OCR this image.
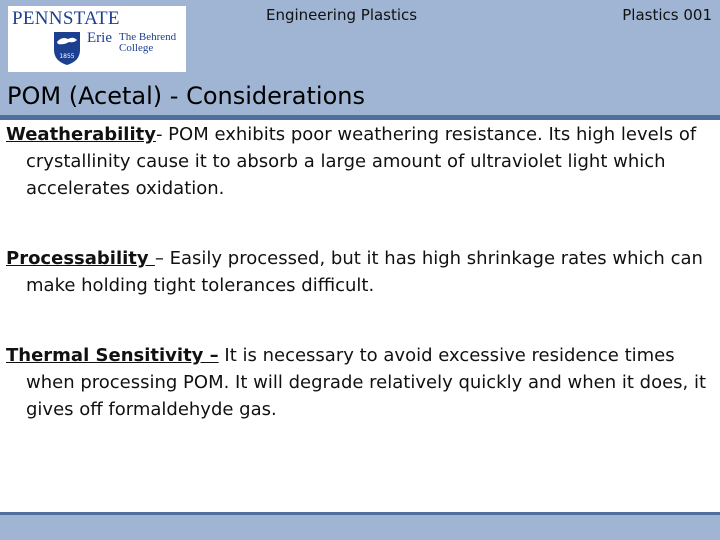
PENNSTATE
1855
Erie The Behrend College
Engineering Plastics	Plastics 001
POM (Acetal) - Considerations

Weatherability- POM exhibits poor weathering resistance. Its high levels of crystallinity cause it to absorb a large amount of ultraviolet light which accelerates oxidation.

Processability – Easily processed, but it has high shrinkage rates which can make holding tight tolerances difficult.

Thermal Sensitivity – It is necessary to avoid excessive residence times when processing POM. It will degrade relatively quickly and when it does, it gives off formaldehyde gas.
